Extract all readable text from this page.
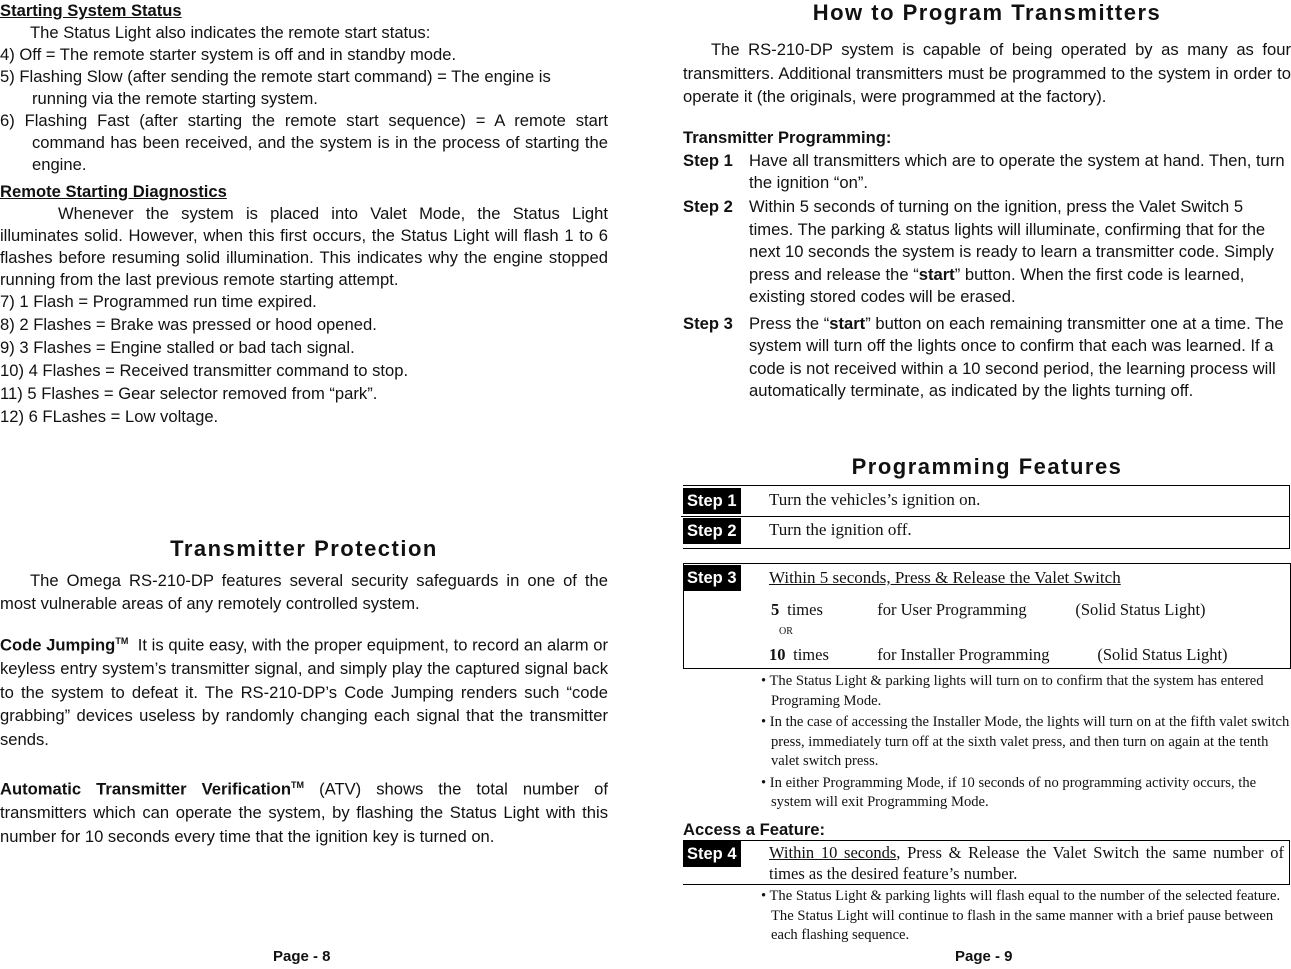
Starting System Status

The Status Light also indicates the remote start status:

4) Off = The remote starter system is off and in standby mode.

5) Flashing Slow (after sending the remote start command) = The engine is running via the remote starting system.

6) Flashing Fast (after starting the remote start sequence) = A remote start command has been received, and the system is in the process of starting the engine.

Remote Starting Diagnostics

Whenever the system is placed into Valet Mode, the Status Light illuminates solid. However, when this first occurs, the Status Light will flash 1 to 6 flashes before resuming solid illumination. This indicates why the engine stopped running from the last previous remote starting attempt.

7) 1 Flash = Programmed run time expired.

8) 2 Flashes = Brake was pressed or hood opened.

9) 3 Flashes = Engine stalled or bad tach signal.

10) 4 Flashes = Received transmitter command to stop.

11) 5 Flashes = Gear selector removed from “park”.

12) 6 FLashes = Low voltage.

Transmitter Protection

The Omega RS-210-DP features several security safeguards in one of the most vulnerable areas of any remotely controlled system.

Code Jumping™ It is quite easy, with the proper equipment, to record an alarm or keyless entry system’s transmitter signal, and simply play the captured signal back to the system to defeat it. The RS-210-DP’s Code Jumping renders such “code grabbing” devices useless by randomly changing each signal that the transmitter sends.

Automatic Transmitter Verification™ (ATV) shows the total number of transmitters which can operate the system, by flashing the Status Light with this number for 10 seconds every time that the ignition key is turned on.

Page - 8
How to Program Transmitters

The RS-210-DP system is capable of being operated by as many as four transmitters. Additional transmitters must be programmed to the system in order to operate it (the originals, were programmed at the factory).

Transmitter Programming:

Step 1 Have all transmitters which are to operate the system at hand. Then, turn the ignition “on”.
Step 2 Within 5 seconds of turning on the ignition, press the Valet Switch 5 times. The parking & status lights will illuminate, confirming that for the next 10 seconds the system is ready to learn a transmitter code. Simply press and release the “start” button. When the first code is learned, existing stored codes will be erased.
Step 3 Press the “start” button on each remaining transmitter one at a time. The system will turn off the lights once to confirm that each was learned. If a code is not received within a 10 second period, the learning process will automatically terminate, as indicated by the lights turning off.
Programming Features
Step 1 Turn the vehicles’s ignition on.
Step 2 Turn the ignition off.
Step 3 Within 5 seconds, Press & Release the Valet Switch
5 times	for User Programming	(Solid Status Light)
OR
10 times	for Installer Programming	(Solid Status Light)

• The Status Light & parking lights will turn on to confirm that the system has entered Programing Mode.

• In the case of accessing the Installer Mode, the lights will turn on at the fifth valet switch press, immediately turn off at the sixth valet press, and then turn on again at the tenth valet switch press.

• In either Programming Mode, if 10 seconds of no programming activity occurs, the system will exit Programming Mode.

Access a Feature:
Step 4 Within 10 seconds, Press & Release the Valet Switch the same number of times as the desired feature’s number.

• The Status Light & parking lights will flash equal to the number of the selected feature. The Status Light will continue to flash in the same manner with a brief pause between each flashing sequence.

Page - 9
